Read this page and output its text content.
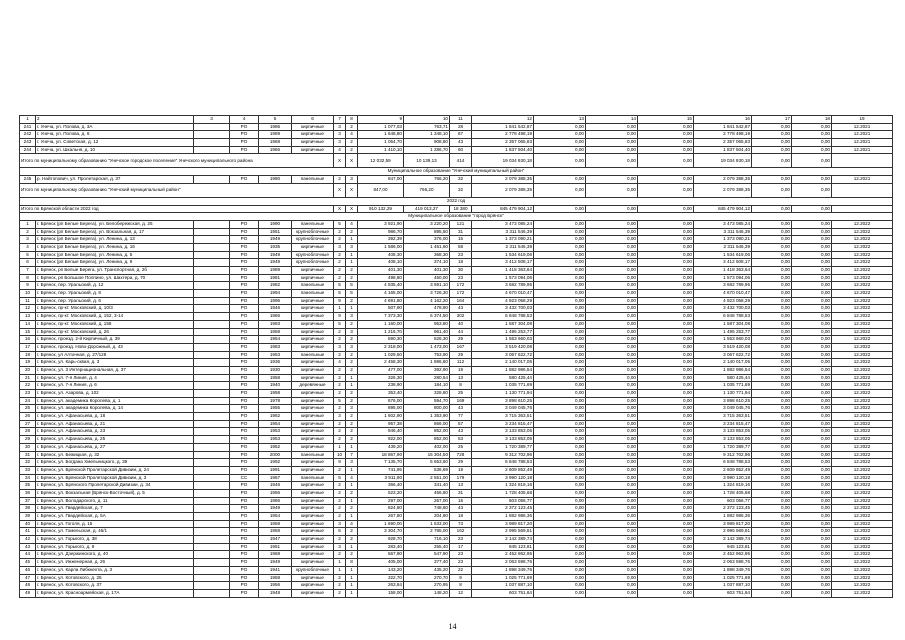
1	2	3	4	5	6	7	8	9	10	11	12	13	14	15	16	17	18	19
241	г. Унеча, ул. Попова, д. 3А		PO	1986	кирпичные	3	2	1 077,03	763,71	28	1 841 542,87	0,00	0,00	0,00	1 841 542,87	0,00	0,00	12.2021
242	г. Унеча, ул. Попова, д. 6		PO	1989	кирпичные	3	4	1 646,80	1 348,10	67	2 778 498,19	0,00	0,00	0,00	2 778 498,19	0,00	0,00	12.2021
243	г. Унеча, ул. Советская, д. 12		PO	1968	кирпичные	3	2	1 054,70	908,80	43	2 357 065,83	0,00	0,00	0,00	2 357 065,83	0,00	0,00	12.2021
244	г. Унеча, ул. Шкальня, д. 10		PO	1966	кирпичные	4	2	1 410,10	1 286,70	60	1 837 504,40	0,00	0,00	0,00	1 837 504,40	0,00	0,00	12.2021
Итого по муниципальному образованию "Унечское городское поселение" Унечского муниципального района						X	X	12 032,59	10 139,13	414	19 034 930,18	0,00	0,00	0,00	19 034 930,18	0,00	0,00	
Муниципальное образование "Унечский муниципальный район"																		
245	р. Найтопович, ул. Пролетарская, д. 37		PO	1980	панельные	2	3	847,00	766,20	32	2 079 388,35	0,00	0,00	0,00	2 079 388,35	0,00	0,00	12.2021
Итого по муниципальному образованию "Унечский муниципальный район"						X	X	847,00	766,20	32	2 079 388,35	0,00	0,00	0,00	2 079 388,35	0,00	0,00	
2022 год																		
Итого по Брянской области 2022 год						X	X	910 132,29	419 013,27	18 380	845 479 904,12	0,00	0,00	0,00	845 479 904,12	0,00	0,00	
Муниципальное образование "город Брянск"																		
1	г. Брянск (рп Белые Берега), ул. Белобережская, д. 25		PO	1990	панельные	5	4	3 921,90	3 220,20	121	3 473 085,24	0,00	0,00	0,00	3 473 085,24	0,00	0,00	12.2022
2	г. Брянск (рп Белые Берега), ул. Вокзальная, д. 17		PO	1951	крупноблочные	2	2	986,70	895,50	31	3 311 546,39	0,00	0,00	0,00	3 311 546,39	0,00	0,00	12.2022
3	г. Брянск (рп Белые Берега), ул. Ленина, д. 13		PO	1949	крупноблочные	2	1	392,39	376,00	15	1 373 090,21	0,00	0,00	0,00	1 373 090,21	0,00	0,00	12.2022
4	г. Брянск (рп Белые Берега), ул. Ленина, д. 16		PO	1935	кирпичные	3	3	1 586,00	1 451,60	58	2 311 546,39	0,00	0,00	0,00	2 311 546,39	0,00	0,00	12.2022
5	г. Брянск (рп Белые Берега), ул. Ленина, д. 5		PO	1949	крупноблочные	2	1	408,30	368,30	23	1 534 619,06	0,00	0,00	0,00	1 534 619,06	0,00	0,00	12.2022
6	г. Брянск (рп Белые Берега), ул. Ленина, д. 9		PO	1949	крупноблочные	2	1	408,10	374,10	18	3 412 508,17	0,00	0,00	0,00	3 412 508,17	0,00	0,00	12.2022
7	г. Брянск, рп Белые Берега, ул. Транспортная, д. 2б		PO	1989	кирпичные	2	2	401,30	401,30	30	1 418 363,64	0,00	0,00	0,00	1 418 363,64	0,00	0,00	12.2022
8	г. Брянск, рп Большое Полпино, ул. Шахтера, д. 70		PO	1981	кирпичные	2	2	498,80	450,00	23	1 573 094,06	0,00	0,00	0,00	1 573 094,06	0,00	0,00	12.2022
9	г. Брянск, пер. Уральский, д. 12		PO	1982	панельные	5	5	4 935,40	3 691,10	172	3 682 789,95	0,00	0,00	0,00	3 682 789,95	0,00	0,00	12.2022
10	г. Брянск, пер. Уральский, д. 8		PO	1994	панельные	5	5	4 165,00	3 726,30	172	4 670 010,47	0,00	0,00	0,00	4 670 010,47	0,00	0,00	12.2022
11	г. Брянск, пер. Уральский, д. 6		PO	1996	кирпичные	9	2	4 691,80	4 162,20	164	4 923 058,29	0,00	0,00	0,00	4 923 058,29	0,00	0,00	12.2022
12	г. Брянск, пр-кт. Московский, д. 10/3		PO	1946	кирпичные	1	1	507,90	478,90	43	3 432 700,03	0,00	0,00	0,00	3 432 700,03	0,00	0,00	12.2022
13	г. Брянск, пр-кт. Московский, д. 152, 3-14		PO	1966	кирпичные	9	3	7 373,30	6 374,50	302	6 848 788,53	0,00	0,00	0,00	6 848 788,53	0,00	0,00	12.2022
14	г. Брянск, пр-кт. Московский, д. 158		PO	1993	кирпичные	5	2	1 160,00	953,80	40	1 587 304,08	0,00	0,00	0,00	1 587 304,08	0,00	0,00	12.2022
15	г. Брянск, пр-кт. Московский, д. 26		PO	1958	кирпичные	2	3	1 216,70	961,40	44	1 495 253,77	0,00	0,00	0,00	1 495 253,77	0,00	0,00	12.2022
16	г. Брянск, проезд. 2-й Кирпичный, д. 39		PO	1954	кирпичные	2	2	590,30	526,30	29	1 553 660,03	0,00	0,00	0,00	1 553 660,03	0,00	0,00	12.2022
17	г. Брянск, проезд. Ново-Дорожный, д. 43		PO	1983	кирпичные	3	3	2 318,00	1 473,00	167	3 519 420,08	0,00	0,00	0,00	3 519 420,08	0,00	0,00	12.2022
18	г. Брянск, ул Алтачная, д. 27/128		PO	1953	панельные	2	2	1 029,50	753,90	29	3 067 622,72	0,00	0,00	0,00	3 067 622,72	0,00	0,00	12.2022
19	г. Брянск, ул. Карь-сквая, д. 3		PO	1936	кирпичные	4	2	2 458,30	1 886,60	112	2 140 017,05	0,00	0,00	0,00	2 140 017,05	0,00	0,00	12.2022
20	г. Брянск, ул. 3 Интернациональная, д. 37		PO	1930	кирпичные	2	2	477,00	392,90	19	1 882 986,54	0,00	0,00	0,00	1 882 986,54	0,00	0,00	12.2022
21	г. Брянск, ул. 7-я Линия, д. 4		PO	1958	кирпичные	2	1	326,30	280,54	13	580 425,44	0,00	0,00	0,00	580 425,44	0,00	0,00	12.2022
22	г. Брянск, ул. 7-я Линия, д. 6		PO	1940	деревянные	2	1	238,90	184,10	8	1 035 771,69	0,00	0,00	0,00	1 035 771,69	0,00	0,00	12.2022
23	г. Брянск, ул. Азарова, д. 102		PO	1958	кирпичные	2	2	353,40	328,80	25	1 130 771,94	0,00	0,00	0,00	1 130 771,94	0,00	0,00	12.2022
24	г. Брянск, ул. академика Королева, д. 1		PO	1978	кирпичные	5	2	676,00	594,70	169	3 898 610,25	0,00	0,00	0,00	3 898 610,25	0,00	0,00	12.2022
25	г. Брянск, ул. академика Королева, д. 14		PO	1955	кирпичные	2	3	895,00	800,00	43	3 049 045,76	0,00	0,00	0,00	3 049 045,76	0,00	0,00	12.2022
26	г. Брянск, ул. Афанасьева, д. 18		PO	1962	кирпичные	3	2	1 602,90	1 353,90	77	3 715 363,51	0,00	0,00	0,00	3 715 363,51	0,00	0,00	12.2022
27	г. Брянск, ул. Афанасьева, д. 21		PO	1954	кирпичные	2	2	957,38	866,00	57	3 234 815,47	0,00	0,00	0,00	3 234 815,47	0,00	0,00	12.2022
28	г. Брянск, ул. Афанасьева, д. 23		PO	1953	кирпичные	2	2	946,40	852,00	43	3 133 853,05	0,00	0,00	0,00	3 133 853,05	0,00	0,00	12.2022
29	г. Брянск, ул. Афанасьева, д. 25		PO	1953	кирпичные	2	2	922,00	852,00	53	3 133 853,05	0,00	0,00	0,00	3 133 853,05	0,00	0,00	12.2022
30	г. Брянск, ул. Афанасьева, д. 27		PO	1952	кирпичные	1	1	439,20	402,00	25	1 720 389,77	0,00	0,00	0,00	1 720 389,77	0,00	0,00	12.2022
31	г. Брянск, ул. Бежицкая, д. 32		PO	2000	панельные	10	7	18 867,90	15 304,50	728	9 312 702,96	0,00	0,00	0,00	9 312 702,96	0,00	0,00	12.2022
32	г. Брянск, ул. Богдана Хмельницкого, д. 39		PO	1992	кирпичные	9	3	7 135,70	5 653,60	29	6 848 788,53	0,00	0,00	0,00	6 848 788,53	0,00	0,00	12.2022
33	г. Брянск, ул. Брянской Пролетарской Дивизии, д. 24		PO	1991	кирпичные	2	1	741,95	536,69	19	2 609 852,49	0,00	0,00	0,00	2 609 852,49	0,00	0,00	12.2022
34	г. Брянск, ул. Брянской Пролетарской Дивизии, д. 3		CC	1967	панельные	5	4	3 911,90	2 551,00	179	3 990 120,18	0,00	0,00	0,00	3 990 120,18	0,00	0,00	12.2022
35	г. Брянск, ул. Брянского Пролетарской Дивизии, д. 34		PO	1946	кирпичные	2	1	366,40	341,40	13	1 324 819,16	0,00	0,00	0,00	1 324 819,16	0,00	0,00	12.2022
36	г. Брянск, ул. Вокзальная (Брянск-Восточный), д. 5		PO	1956	кирпичные	2	2	523,20	456,80	31	1 728 405,68	0,00	0,00	0,00	1 728 405,68	0,00	0,00	12.2022
37	г. Брянск, ул. Володарского, д. 11		PO	1966	кирпичные	2	1	297,00	267,00	15	603 056,77	0,00	0,00	0,00	603 056,77	0,00	0,00	12.2022
38	г. Брянск, ул. Гвардейская, д. 7		PO	1949	кирпичные	2	2	824,80	748,60	43	2 372 123,45	0,00	0,00	0,00	2 372 123,45	0,00	0,00	12.2022
39	г. Брянск, ул. Гвардейская, д. 5А		PO	1954	кирпичные	2	1	267,80	204,80	18	1 882 986,36	0,00	0,00	0,00	1 882 986,36	0,00	0,00	12.2022
40	г. Брянск, ул. Гоголя, д. 15		PO	1958	кирпичные	3	4	1 690,00	1 533,00	73	3 989 817,20	0,00	0,00	0,00	3 989 817,20	0,00	0,00	12.2022
41	г. Брянск, ул. Гомельская, д. 46/1		PO	1958	кирпичные	5	2	3 304,70	2 785,00	162	2 995 569,61	0,00	0,00	0,00	2 995 569,61	0,00	0,00	12.2022
42	г. Брянск, ул. Горького, д. 38		PO	1947	кирпичные	2	2	928,70	716,10	23	2 142 389,74	0,00	0,00	0,00	2 142 389,74	0,00	0,00	12.2022
43	г. Брянск, ул. Горького, д. 9		PO	1951	кирпичные	3	1	283,40	255,40	17	945 123,81	0,00	0,00	0,00	945 123,81	0,00	0,00	12.2022
44	г. Брянск, ул. Дзержинского, д. 40		PO	1968	кирпичные	2	2	567,90	547,90	23	2 452 862,95	0,00	0,00	0,00	2 452 862,95	0,00	0,00	12.2022
45	г. Брянск, ул. Инженерная, д. 26		PO	1949	кирпичные	1	8	405,00	377,40	23	2 063 598,76	0,00	0,00	0,00	2 063 598,76	0,00	0,00	12.2022
46	г. Брянск, ул. Карла Либкнехта, д. 3		PO	1941	крупноблочные	1	1	143,20	435,20	22	1 898 349,76	0,00	0,00	0,00	1 898 349,76	0,00	0,00	12.2022
47	г. Брянск, ул. Котовского, д. 25		PO	1958	кирпичные	2	1	322,70	270,70	9	1 025 771,69	0,00	0,00	0,00	1 025 771,69	0,00	0,00	12.2022
48	г. Брянск, ул. Котовского, д. 37		PO	1956	кирпичные	2	1	263,84	270,95	8	1 037 887,10	0,00	0,00	0,00	1 037 887,10	0,00	0,00	12.2022
49	г. Брянск, ул. Красноармейская, д. 17А		PO	1948	кирпичные	2	1	158,00	148,20	12	603 751,64	0,00	0,00	0,00	603 751,64	0,00	0,00	12.2022
14
